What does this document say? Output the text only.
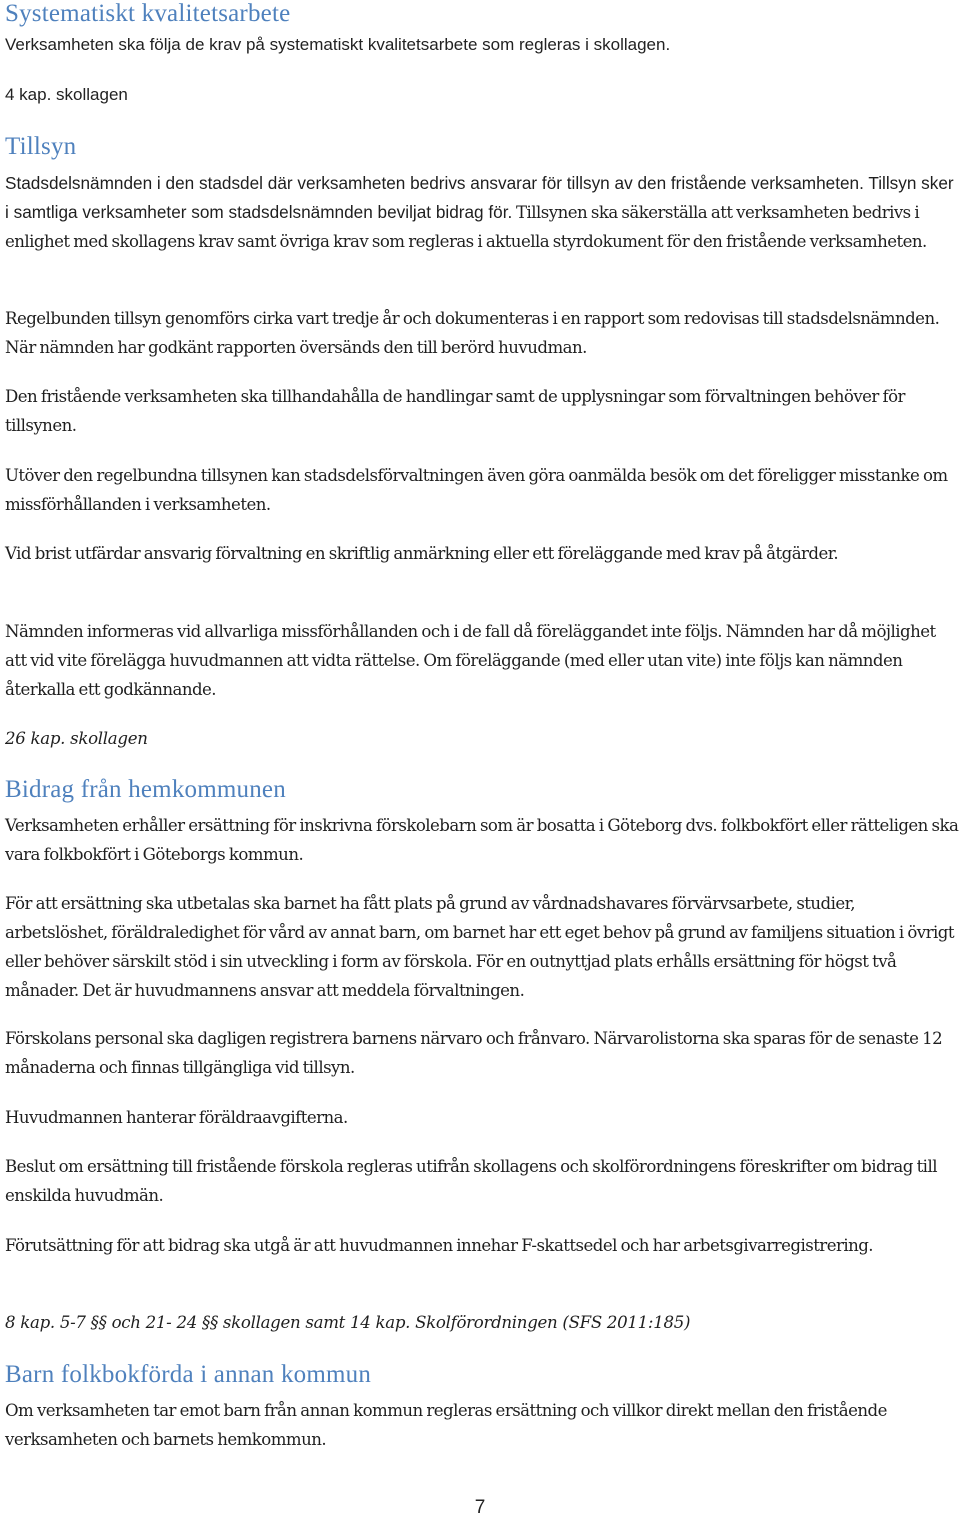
Systematiskt kvalitetsarbete

Verksamheten ska följa de krav på systematiskt kvalitetsarbete som regleras i skollagen.

4 kap. skollagen

Tillsyn

Stadsdelsnämnden i den stadsdel där verksamheten bedrivs ansvarar för tillsyn av den fristående verksamheten. Tillsyn sker i samtliga verksamheter som stadsdelsnämnden beviljat bidrag för. Tillsynen ska säkerställa att verksamheten bedrivs i enlighet med skollagens krav samt övriga krav som regleras i aktuella styrdokument för den fristående verksamheten.

Regelbunden tillsyn genomförs cirka vart tredje år och dokumenteras i en rapport som redovisas till stadsdelsnämnden. När nämnden har godkänt rapporten översänds den till berörd huvudman.

Den fristående verksamheten ska tillhandahålla de handlingar samt de upplysningar som förvaltningen behöver för tillsynen.

Utöver den regelbundna tillsynen kan stadsdelsförvaltningen även göra oanmälda besök om det föreligger misstanke om missförhållanden i verksamheten.

Vid brist utfärdar ansvarig förvaltning en skriftlig anmärkning eller ett föreläggande med krav på åtgärder.

Nämnden informeras vid allvarliga missförhållanden och i de fall då föreläggandet inte följs. Nämnden har då möjlighet att vid vite förelägga huvudmannen att vidta rättelse. Om föreläggande (med eller utan vite) inte följs kan nämnden återkalla ett godkännande.

26 kap. skollagen

Bidrag från hemkommunen

Verksamheten erhåller ersättning för inskrivna förskolebarn som är bosatta i Göteborg dvs. folkbokfört eller rätteligen ska vara folkbokfört i Göteborgs kommun.

För att ersättning ska utbetalas ska barnet ha fått plats på grund av vårdnadshavares förvärvsarbete, studier, arbetslöshet, föräldraledighet för vård av annat barn, om barnet har ett eget behov på grund av familjens situation i övrigt eller behöver särskilt stöd i sin utveckling i form av förskola. För en outnyttjad plats erhålls ersättning för högst två månader. Det är huvudmannens ansvar att meddela förvaltningen.

Förskolans personal ska dagligen registrera barnens närvaro och frånvaro. Närvarolistorna ska sparas för de senaste 12 månaderna och finnas tillgängliga vid tillsyn.

Huvudmannen hanterar föräldraavgifterna.

Beslut om ersättning till fristående förskola regleras utifrån skollagens och skolförordningens föreskrifter om bidrag till enskilda huvudmän.

Förutsättning för att bidrag ska utgå är att huvudmannen innehar F-skattsedel och har arbetsgivarregistrering.

8 kap. 5-7 §§ och 21- 24 §§ skollagen samt 14 kap. Skolförordningen (SFS 2011:185)

Barn folkbokförda i annan kommun

Om verksamheten tar emot barn från annan kommun regleras ersättning och villkor direkt mellan den fristående verksamheten och barnets hemkommun.

7
